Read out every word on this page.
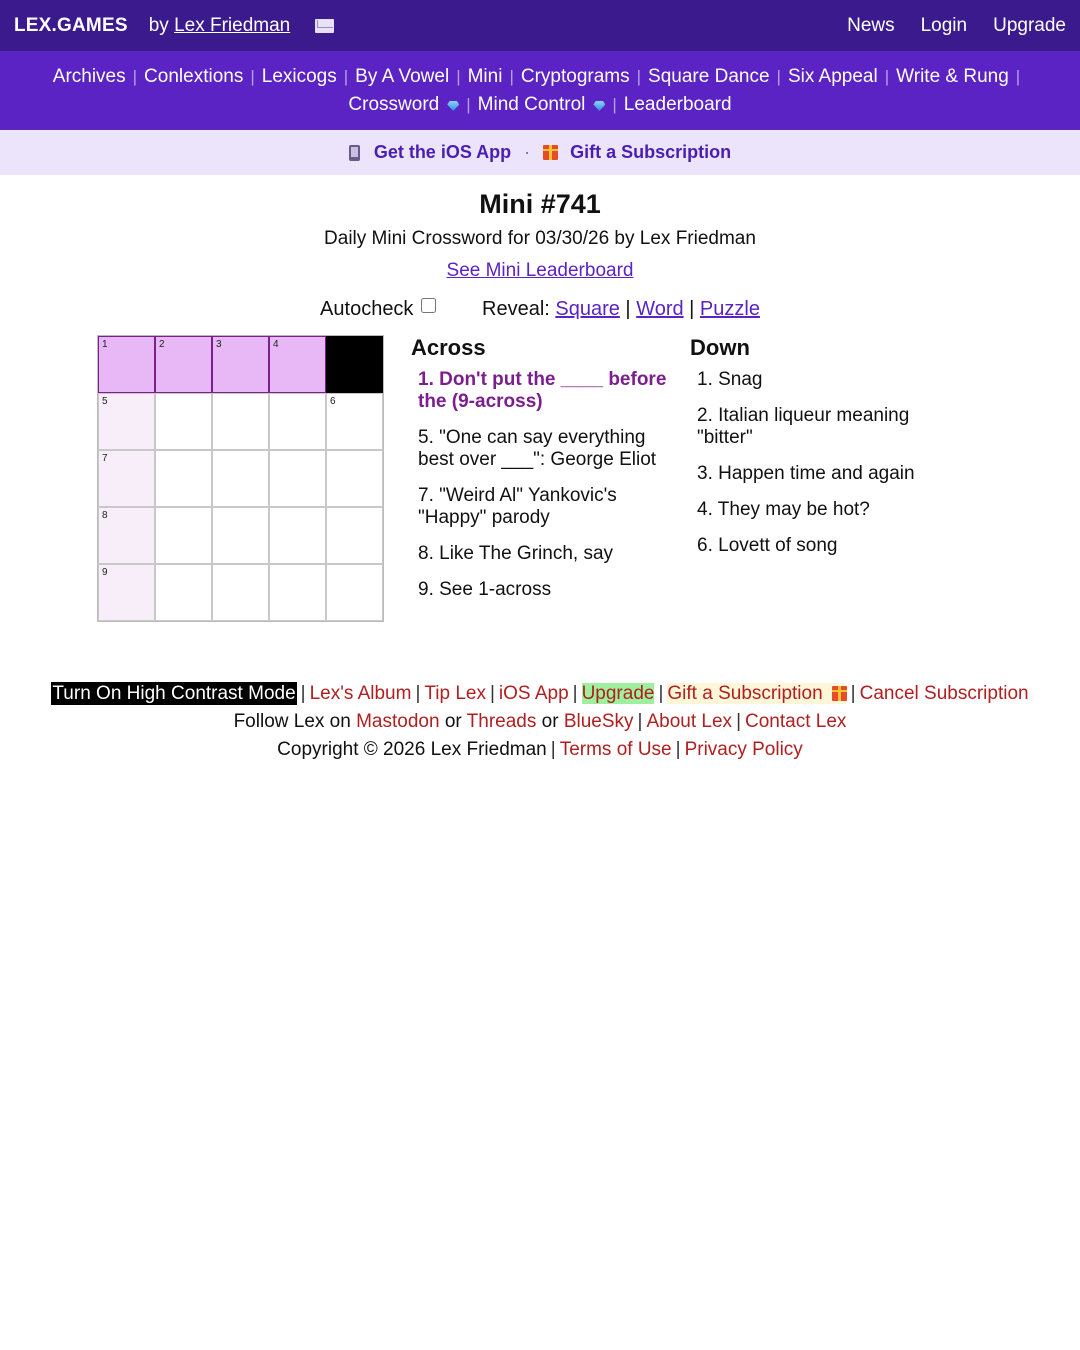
LEX.GAMES by Lex Friedman	News Login Upgrade
Archives | Conlextions | Lexicogs | By A Vowel | Mini | Cryptograms | Square Dance | Six Appeal | Write & Rung |
Crossword | Mind Control | Leaderboard
Get the iOS App · Gift a Subscription
Mini #741
Daily Mini Crossword for 03/30/26 by Lex Friedman
See Mini Leaderboard
Autocheck	Reveal: Square | Word | Puzzle
1	2	3	4
5	6
7
8
9
Across
1. Don't put the ____ before the (9-across)
5. "One can say everything best over ___": George Eliot
7. "Weird Al" Yankovic's "Happy" parody
8. Like The Grinch, say
9. See 1-across
Down
1. Snag
2. Italian liqueur meaning "bitter"
3. Happen time and again
4. They may be hot?
6. Lovett of song
Turn On High Contrast Mode | Lex's Album | Tip Lex | iOS App | Upgrade | Gift a Subscription | Cancel Subscription
Follow Lex on Mastodon or Threads or BlueSky | About Lex | Contact Lex
Copyright © 2026 Lex Friedman | Terms of Use | Privacy Policy
